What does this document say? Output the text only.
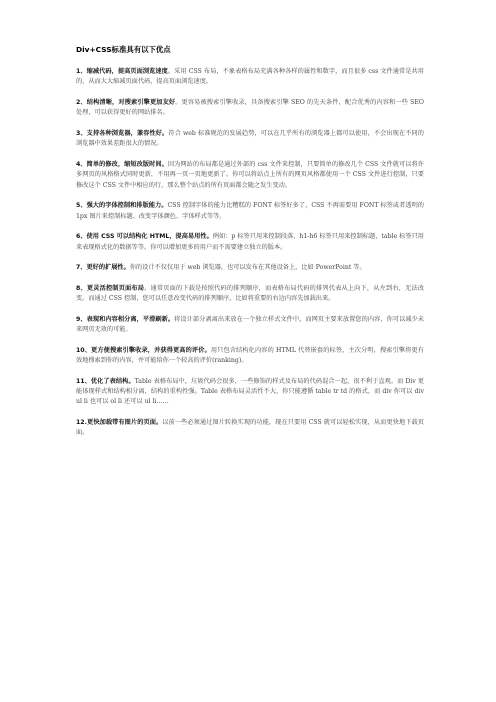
Div+CSS标准具有以下优点

1、缩减代码，提高页面浏览速度。采用 CSS 布局，不象表格布局充满各种各样的属性和数字，而且很多 css 文件通常是共用的，从而大大缩减页面代码，提高页面浏览速度。

2、结构清晰，对搜索引擎更加友好。更容易被搜索引擎收录，具备搜索引擎 SEO 的先天条件，配合优秀的内容和一些 SEO 处理，可以获得更好的网站排名。

3、支持各种浏览器，兼容性好。符合 web 标准规范的发展趋势，可以在几乎所有的浏览器上都可以使用，不会出现在不同的浏览器中效果差距很大的情况。

4、简单的修改，缩短改版时间。因为网站的布局都是通过外部的 css 文件来控制，只要简单的修改几个 CSS 文件就可以将许多网页的风格格式同时更新，不用再一页一页地更新了。你可以将站点上所有的网页风格都使用一个 CSS 文件进行控制，只要修改这个 CSS 文件中相应的行，那么整个站点的所有页面都会随之发生变动。

5、强大的字体控制和排版能力。CSS 控制字体的能力比糟糕的 FONT 标签好多了，CSS 不再需要用 FONT 标签或者透明的 1px 图片来控制标题、改变字体颜色、字体样式等等。

6、使用 CSS 可以结构化 HTML，提高易用性。例如：p 标签只用来控制段落，h1-h6 标签只用来控制标题，table 标签只用来表现格式化的数据等等。你可以增加更多的用户而不需要建立独立的版本。

7、更好的扩展性。你的设计不仅仅用于 web 浏览器，也可以发布在其他设备上，比如 PowerPoint 等。

8、更灵活控制页面布局。通常页面的下载是按照代码的排列顺序，而表格布局代码的排列代表从上向下，从左到右，无法改变。而通过 CSS 控制，您可以任意改变代码的排列顺序，比如将重要的右边内容先加载出来。

9、表现和内容相分离，平滑刷新。将设计部分剥离出来放在一个独立样式文件中，而网页主要来放置您的内容，你可以减少未来网页无效的可能。

10、更方便搜索引擎收录，并获得更高的评价。用只包含结构化内容的 HTML 代替嵌套的标签，主次分明，搜索引擎将更有效地搜索到你的内容，并可能给你一个较高的评价(ranking)。

11、优化了表结构。Table 表格布局中，垃圾代码会很多，一些修饰的样式及布局的代码混合一起，很不利于直观。而 Div 更能体现样式和结构相分离，结构的重构性强。Table 表格布局灵活性不大，你只能遵循 table tr td 的格式，而 div 你可以 div ul li 也可以 ol li 还可以 ul li……

12.更快加载带有图片的页面。以前一些必须通过图片转换实现的功能，现在只要用 CSS 就可以轻松实现，从而更快地下载页面。
